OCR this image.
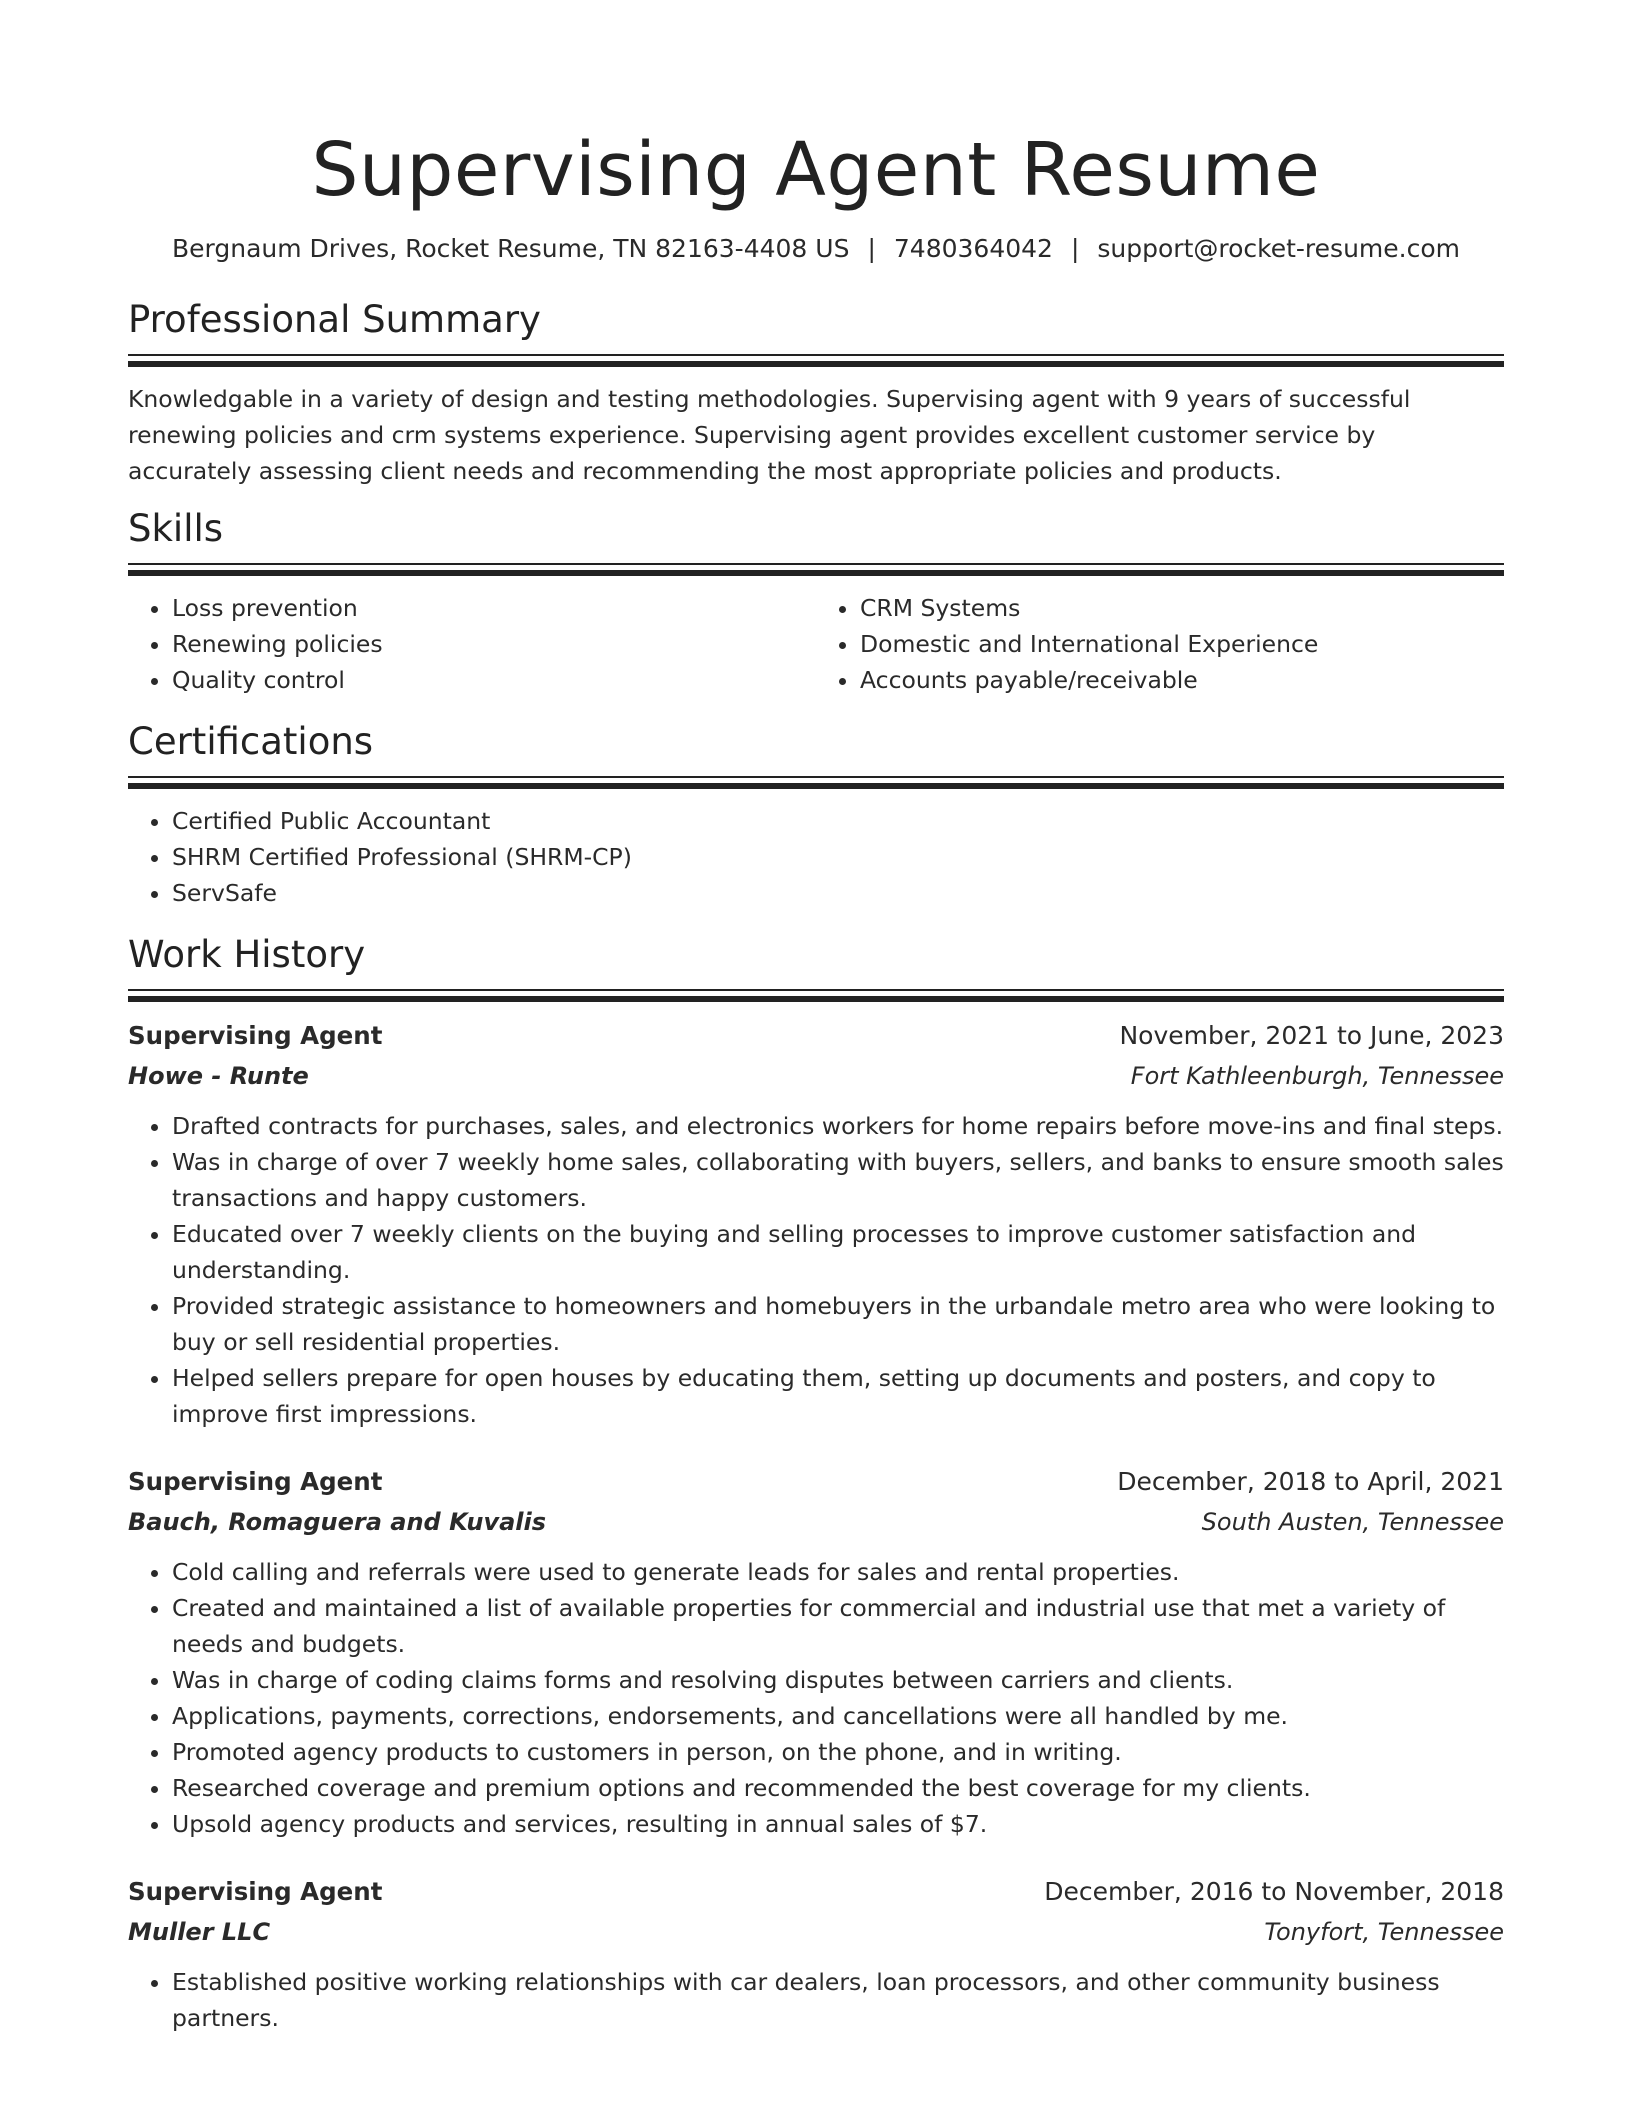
Supervising Agent Resume
Bergnaum Drives, Rocket Resume, TN 82163-4408 US | 7480364042 | support@rocket-resume.com
Professional Summary

Knowledgable in a variety of design and testing methodologies. Supervising agent with 9 years of successful renewing policies and crm systems experience. Supervising agent provides excellent customer service by accurately assessing client needs and recommending the most appropriate policies and products.

Skills
• Loss prevention
• Renewing policies
• Quality control
• CRM Systems
• Domestic and International Experience
• Accounts payable/receivable
Certifications
• Certified Public Accountant
• SHRM Certified Professional (SHRM-CP)
• ServSafe
Work History
Supervising Agent	November, 2021 to June, 2023
Howe - Runte	Fort Kathleenburgh, Tennessee
• Drafted contracts for purchases, sales, and electronics workers for home repairs before move-ins and final steps.
• Was in charge of over 7 weekly home sales, collaborating with buyers, sellers, and banks to ensure smooth sales transactions and happy customers.
• Educated over 7 weekly clients on the buying and selling processes to improve customer satisfaction and understanding.
• Provided strategic assistance to homeowners and homebuyers in the urbandale metro area who were looking to buy or sell residential properties.
• Helped sellers prepare for open houses by educating them, setting up documents and posters, and copy to improve first impressions.
Supervising Agent	December, 2018 to April, 2021
Bauch, Romaguera and Kuvalis	South Austen, Tennessee
• Cold calling and referrals were used to generate leads for sales and rental properties.
• Created and maintained a list of available properties for commercial and industrial use that met a variety of needs and budgets.
• Was in charge of coding claims forms and resolving disputes between carriers and clients.
• Applications, payments, corrections, endorsements, and cancellations were all handled by me.
• Promoted agency products to customers in person, on the phone, and in writing.
• Researched coverage and premium options and recommended the best coverage for my clients.
• Upsold agency products and services, resulting in annual sales of $7.
Supervising Agent	December, 2016 to November, 2018
Muller LLC	Tonyfort, Tennessee
• Established positive working relationships with car dealers, loan processors, and other community business partners.
